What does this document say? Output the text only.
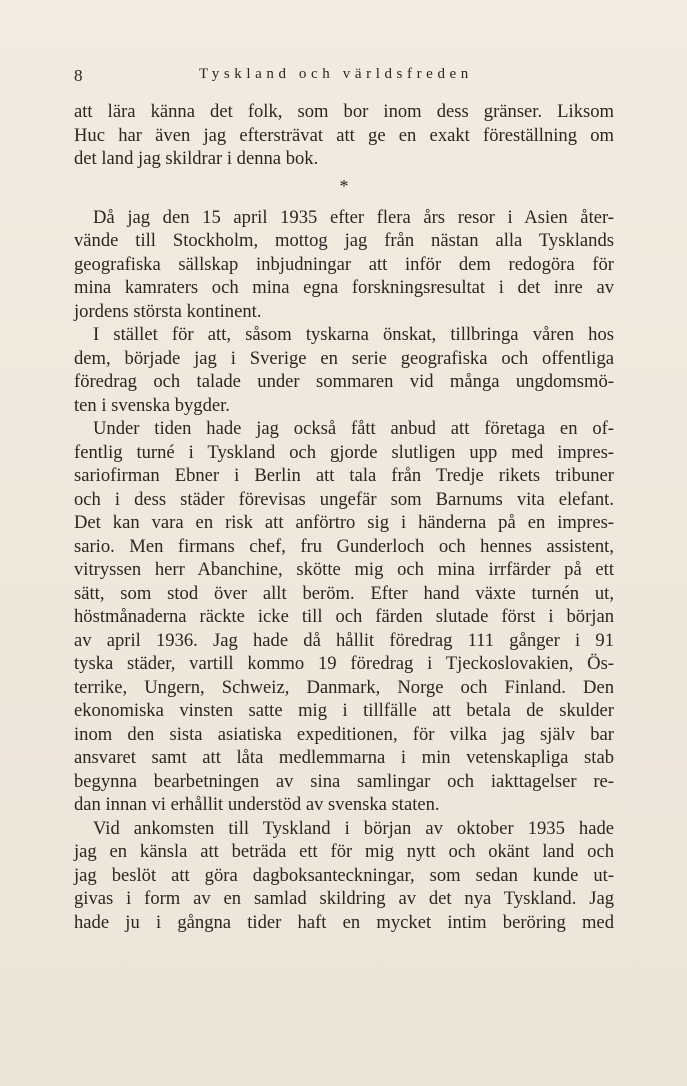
8	Tyskland och världsfreden
att lära känna det folk, som bor inom dess gränser. Liksom
Huc har även jag eftersträvat att ge en exakt föreställning om
det land jag skildrar i denna bok.
*
Då jag den 15 april 1935 efter flera års resor i Asien åter-
vände till Stockholm, mottog jag från nästan alla Tysklands
geografiska sällskap inbjudningar att inför dem redogöra för
mina kamraters och mina egna forskningsresultat i det inre av
jordens största kontinent.
I stället för att, såsom tyskarna önskat, tillbringa våren hos
dem, började jag i Sverige en serie geografiska och offentliga
föredrag och talade under sommaren vid många ungdomsmö-
ten i svenska bygder.
Under tiden hade jag också fått anbud att företaga en of-
fentlig turné i Tyskland och gjorde slutligen upp med impres-
sariofirman Ebner i Berlin att tala från Tredje rikets tribuner
och i dess städer förevisas ungefär som Barnums vita elefant.
Det kan vara en risk att anförtro sig i händerna på en impres-
sario. Men firmans chef, fru Gunderloch och hennes assistent,
vitryssen herr Abanchine, skötte mig och mina irrfärder på ett
sätt, som stod över allt beröm. Efter hand växte turnén ut,
höstmånaderna räckte icke till och färden slutade först i början
av april 1936. Jag hade då hållit föredrag 111 gånger i 91
tyska städer, vartill kommo 19 föredrag i Tjeckoslovakien, Ös-
terrike, Ungern, Schweiz, Danmark, Norge och Finland. Den
ekonomiska vinsten satte mig i tillfälle att betala de skulder
inom den sista asiatiska expeditionen, för vilka jag själv bar
ansvaret samt att låta medlemmarna i min vetenskapliga stab
begynna bearbetningen av sina samlingar och iakttagelser re-
dan innan vi erhållit understöd av svenska staten.
Vid ankomsten till Tyskland i början av oktober 1935 hade
jag en känsla att beträda ett för mig nytt och okänt land och
jag beslöt att göra dagboksanteckningar, som sedan kunde ut-
givas i form av en samlad skildring av det nya Tyskland. Jag
hade ju i gångna tider haft en mycket intim beröring med
